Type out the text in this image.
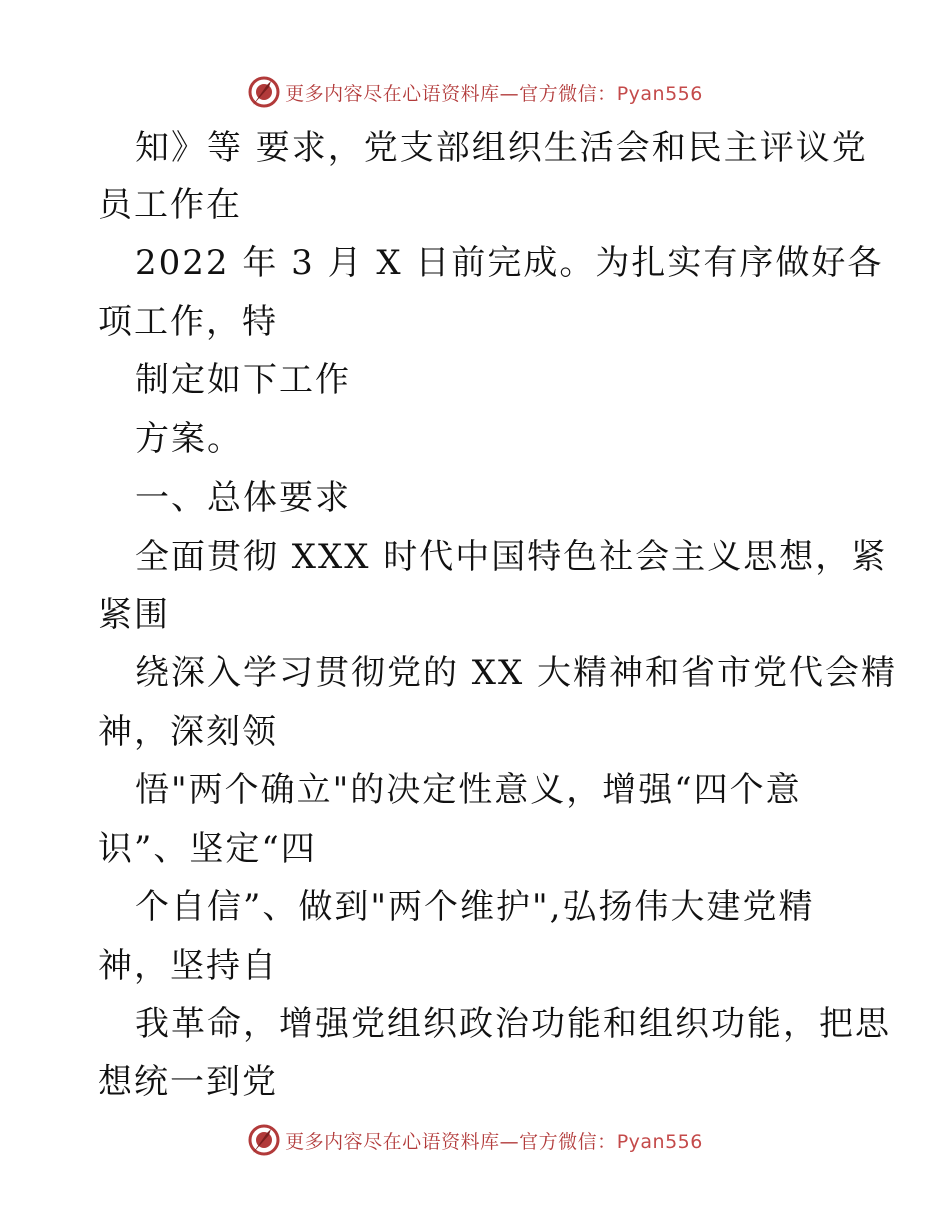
更多内容尽在心语资料库—官方微信：Pyan556
知》等 要求，党支部组织生活会和民主评议党
员工作在
2022 年 3 月 X 日前完成。为扎实有序做好各
项工作，特
制定如下工作
方案。
一、总体要求
全面贯彻 XXX 时代中国特色社会主义思想，紧
紧围
绕深入学习贯彻党的 XX 大精神和省市党代会精
神，深刻领
悟"两个确立"的决定性意义，增强“四个意
识”、坚定“四
个自信”、做到"两个维护",弘扬伟大建党精
神，坚持自
我革命，增强党组织政治功能和组织功能，把思
想统一到党
更多内容尽在心语资料库—官方微信：Pyan556
